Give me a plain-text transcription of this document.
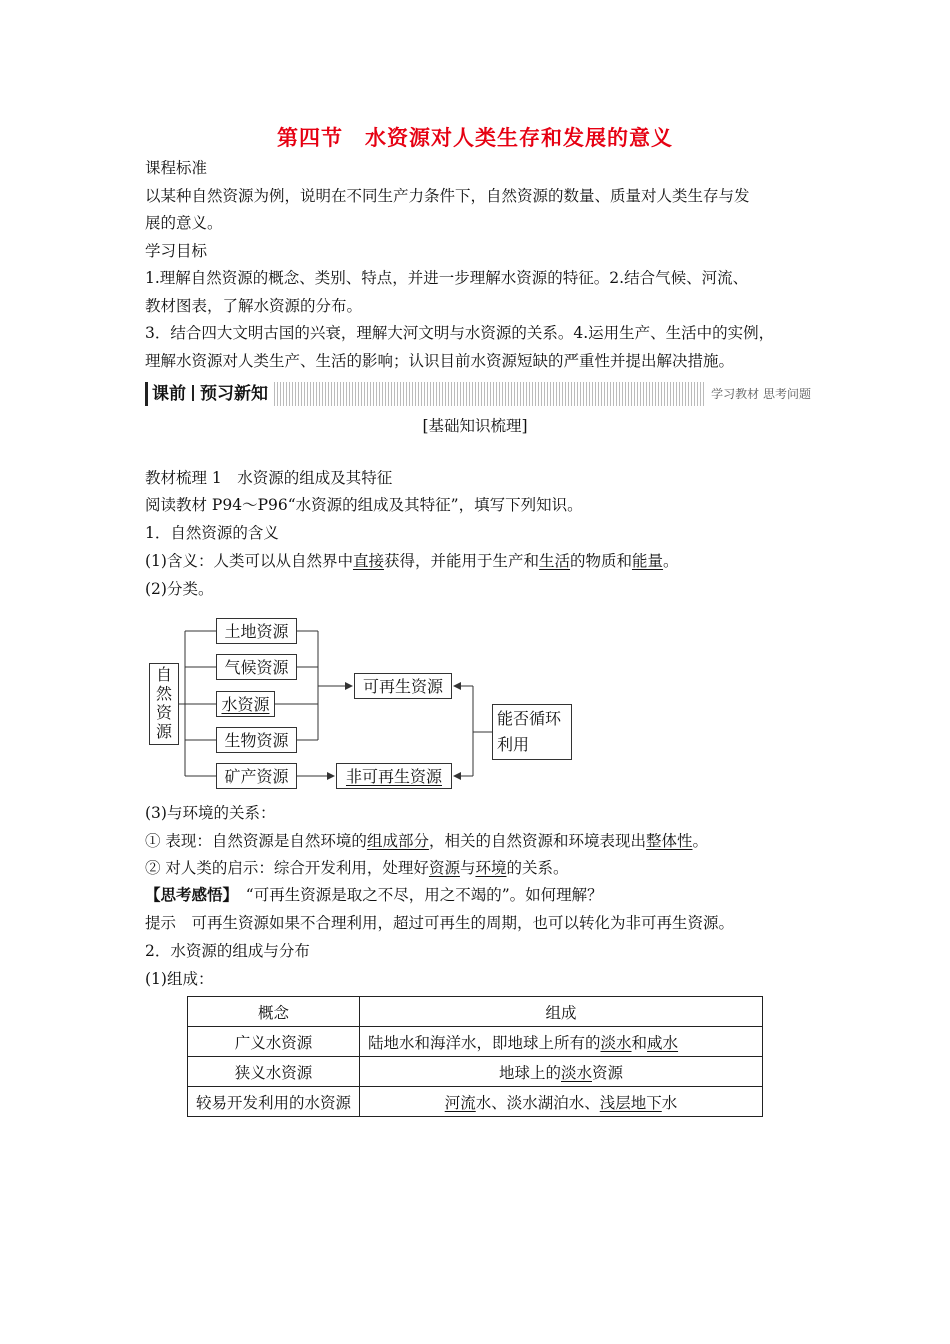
第四节　水资源对人类生存和发展的意义
课程标准
以某种自然资源为例，说明在不同生产力条件下，自然资源的数量、质量对人类生存与发
展的意义。
学习目标
1.理解自然资源的概念、类别、特点，并进一步理解水资源的特征。2.结合气候、河流、
教材图表，了解水资源的分布。
3．结合四大文明古国的兴衰，理解大河文明与水资源的关系。4.运用生产、生活中的实例，
理解水资源对人类生产、生活的影响；认识目前水资源短缺的严重性并提出解决措施。
课前 预习新知	学习教材 思考问题
[基础知识梳理]
教材梳理 1　水资源的组成及其特征
阅读教材 P94～P96“水资源的组成及其特征”，填写下列知识。
1．自然资源的含义
(1)含义：人类可以从自然界中直接获得，并能用于生产和生活的物质和能量。
(2)分类。
自然资源
土地资源
气候资源
水资源
生物资源
矿产资源
可再生资源
非可再生资源
能否循环利用
(3)与环境的关系：
① 表现：自然资源是自然环境的组成部分，相关的自然资源和环境表现出整体性。
② 对人类的启示：综合开发利用，处理好资源与环境的关系。
【思考感悟】　“可再生资源是取之不尽，用之不竭的”。如何理解？
提示　可再生资源如果不合理利用，超过可再生的周期，也可以转化为非可再生资源。
2．水资源的组成与分布
(1)组成：
概念	组成
广义水资源	陆地水和海洋水，即地球上所有的淡水和咸水
狭义水资源	地球上的淡水资源
较易开发利用的水资源	河流水、淡水湖泊水、浅层地下水
